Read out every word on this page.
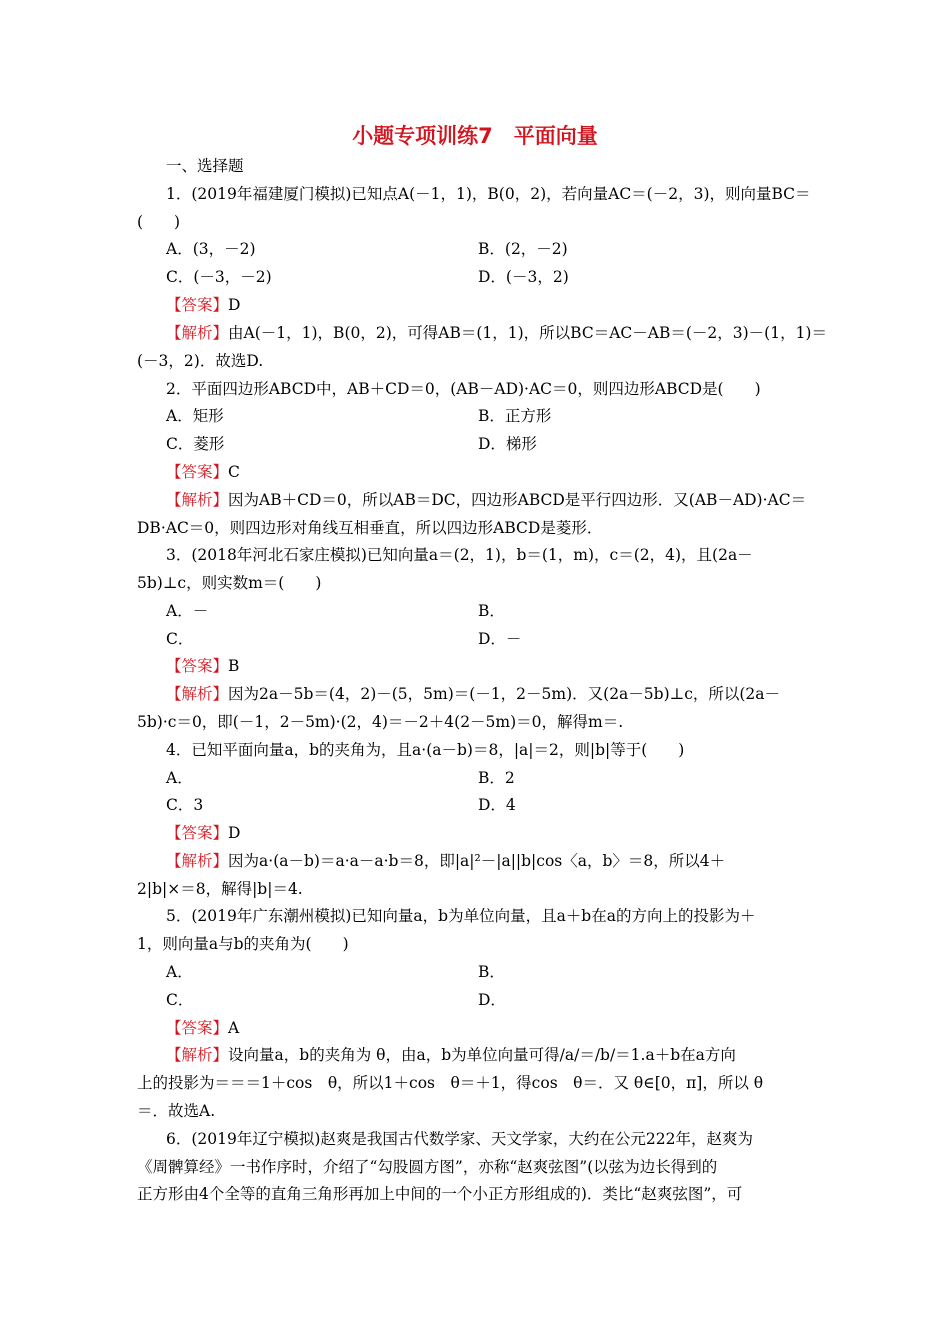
小题专项训练7　平面向量
一、选择题
1．(2019年福建厦门模拟)已知点A(－1，1)，B(0，2)，若向量AC＝(－2，3)，则向量BC＝
(　　)
A．(3，－2)	B．(2，－2)
C．(－3，－2)	D．(－3，2)
【答案】D
【解析】由A(－1，1)，B(0，2)，可得AB＝(1，1)，所以BC＝AC－AB＝(－2，3)－(1，1)＝
(－3，2)．故选D.
2．平面四边形ABCD中，AB＋CD＝0，(AB－AD)·AC＝0，则四边形ABCD是(　　)
A．矩形	B．正方形
C．菱形	D．梯形
【答案】C
【解析】因为AB＋CD＝0，所以AB＝DC，四边形ABCD是平行四边形．又(AB－AD)·AC＝
DB·AC＝0，则四边形对角线互相垂直，所以四边形ABCD是菱形．
3．(2018年河北石家庄模拟)已知向量a＝(2，1)，b＝(1，m)，c＝(2，4)，且(2a－
5b)⊥c，则实数m＝(　　)
A．－	B．
C．	D．－
【答案】B
【解析】因为2a－5b＝(4，2)－(5，5m)＝(－1，2－5m)．又(2a－5b)⊥c，所以(2a－
5b)·c＝0，即(－1，2－5m)·(2，4)＝－2＋4(2－5m)＝0，解得m＝.
4．已知平面向量a，b的夹角为，且a·(a－b)＝8，|a|＝2，则|b|等于(　　)
A．	B．2
C．3	D．4
【答案】D
【解析】因为a·(a－b)＝a·a－a·b＝8，即|a|²－|a||b|cos〈a，b〉＝8，所以4＋
2|b|×＝8，解得|b|＝4.
5．(2019年广东潮州模拟)已知向量a，b为单位向量，且a＋b在a的方向上的投影为＋
1，则向量a与b的夹角为(　　)
A．	B．
C．	D．
【答案】A
【解析】设向量a，b的夹角为 θ，由a，b为单位向量可得/a/＝/b/＝1.a＋b在a方向
上的投影为＝＝＝1＋cos　θ，所以1＋cos　θ＝＋1，得cos　θ＝．又 θ∈[0，π]，所以 θ
＝．故选A.
6．(2019年辽宁模拟)赵爽是我国古代数学家、天文学家，大约在公元222年，赵爽为
《周髀算经》一书作序时，介绍了“勾股圆方图”，亦称“赵爽弦图”(以弦为边长得到的
正方形由4个全等的直角三角形再加上中间的一个小正方形组成的)．类比“赵爽弦图”，可
